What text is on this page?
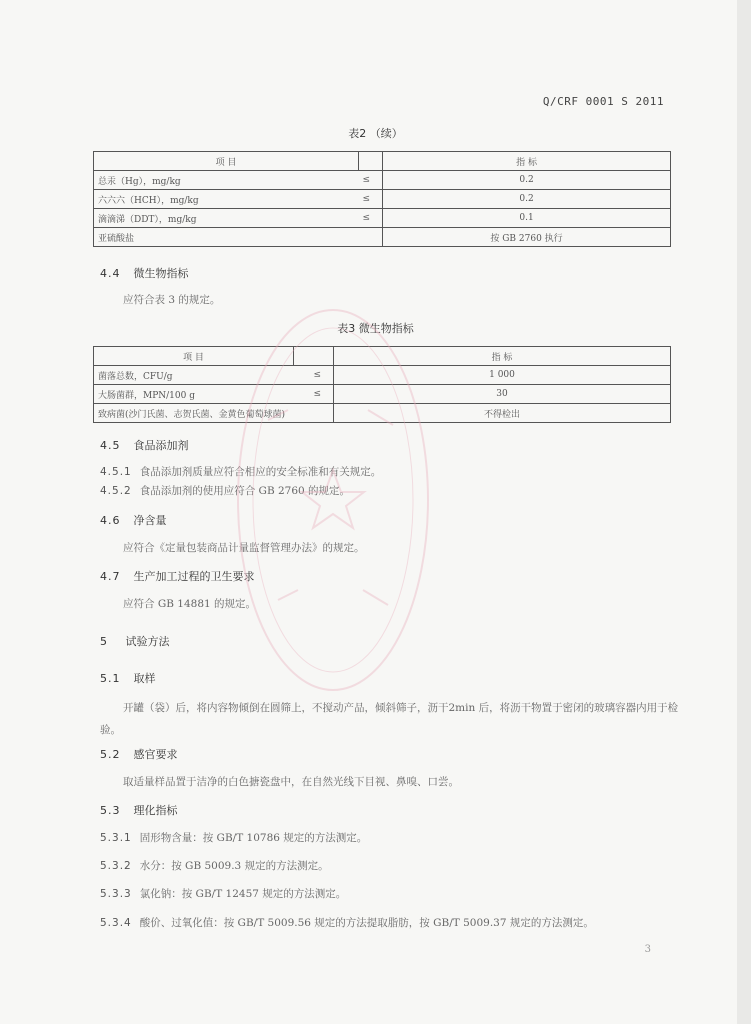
Q/CRF 0001 S 2011
表2 （续）
项 目		指 标
总汞（Hg），mg/kg	≤	0.2
六六六（HCH），mg/kg	≤	0.2
滴滴涕（DDT），mg/kg	≤	0.1
亚硫酸盐		按 GB 2760 执行
4.4 微生物指标
应符合表 3 的规定。
表3 微生物指标
项 目		指 标
菌落总数，CFU/g	≤	1 000
大肠菌群，MPN/100 g	≤	30
致病菌(沙门氏菌、志贺氏菌、金黄色葡萄球菌)		不得检出
4.5 食品添加剂
4.5.1 食品添加剂质量应符合相应的安全标准和有关规定。
4.5.2 食品添加剂的使用应符合 GB 2760 的规定。
4.6 净含量
应符合《定量包装商品计量监督管理办法》的规定。
4.7 生产加工过程的卫生要求
应符合 GB 14881 的规定。
5 试验方法
5.1 取样
开罐（袋）后，将内容物倾倒在圆筛上，不搅动产品，倾斜筛子，沥干2min 后，将沥干物置于密闭的玻璃容器内用于检验。
5.2 感官要求
取适量样品置于洁净的白色搪瓷盘中，在自然光线下目视、鼻嗅、口尝。
5.3 理化指标
5.3.1 固形物含量：按 GB/T 10786 规定的方法测定。
5.3.2 水分：按 GB 5009.3 规定的方法测定。
5.3.3 氯化钠：按 GB/T 12457 规定的方法测定。
5.3.4 酸价、过氧化值：按 GB/T 5009.56 规定的方法提取脂肪，按 GB/T 5009.37 规定的方法测定。
3
